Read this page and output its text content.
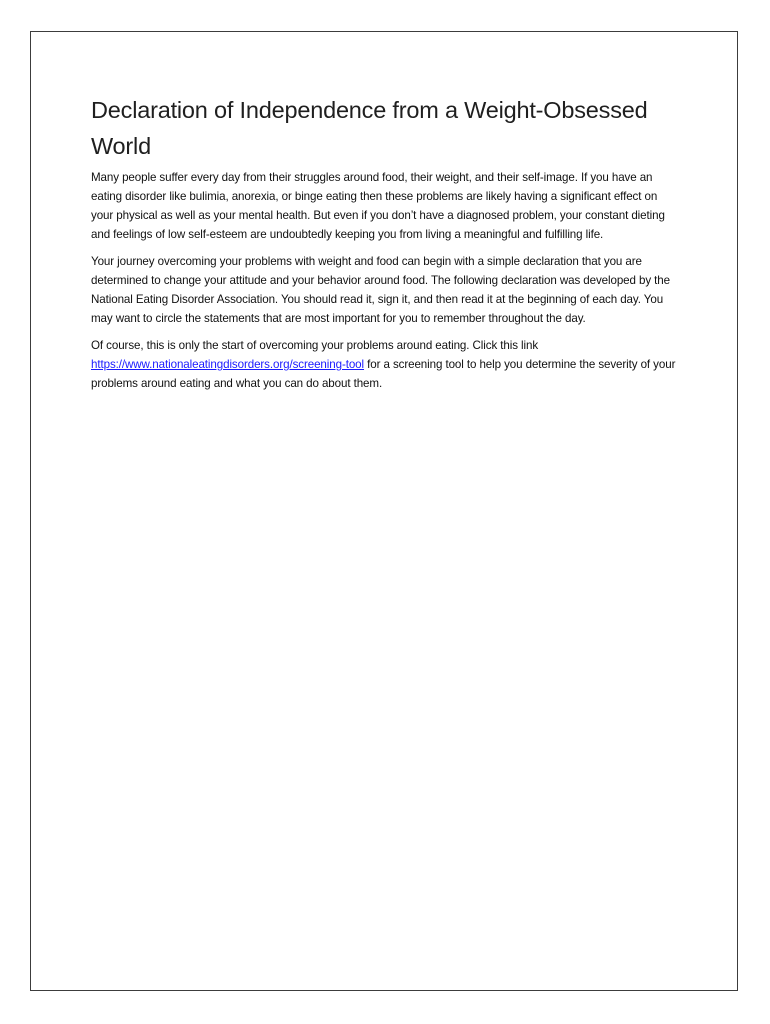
Declaration of Independence from a Weight-Obsessed World

Many people suffer every day from their struggles around food, their weight, and their self-image. If you have an eating disorder like bulimia, anorexia, or binge eating then these problems are likely having a significant effect on your physical as well as your mental health. But even if you don’t have a diagnosed problem, your constant dieting and feelings of low self-esteem are undoubtedly keeping you from living a meaningful and fulfilling life.

Your journey overcoming your problems with weight and food can begin with a simple declaration that you are determined to change your attitude and your behavior around food. The following declaration was developed by the National Eating Disorder Association. You should read it, sign it, and then read it at the beginning of each day. You may want to circle the statements that are most important for you to remember throughout the day.

Of course, this is only the start of overcoming your problems around eating. Click this link https://www.nationaleatingdisorders.org/screening-tool for a screening tool to help you determine the severity of your problems around eating and what you can do about them.
